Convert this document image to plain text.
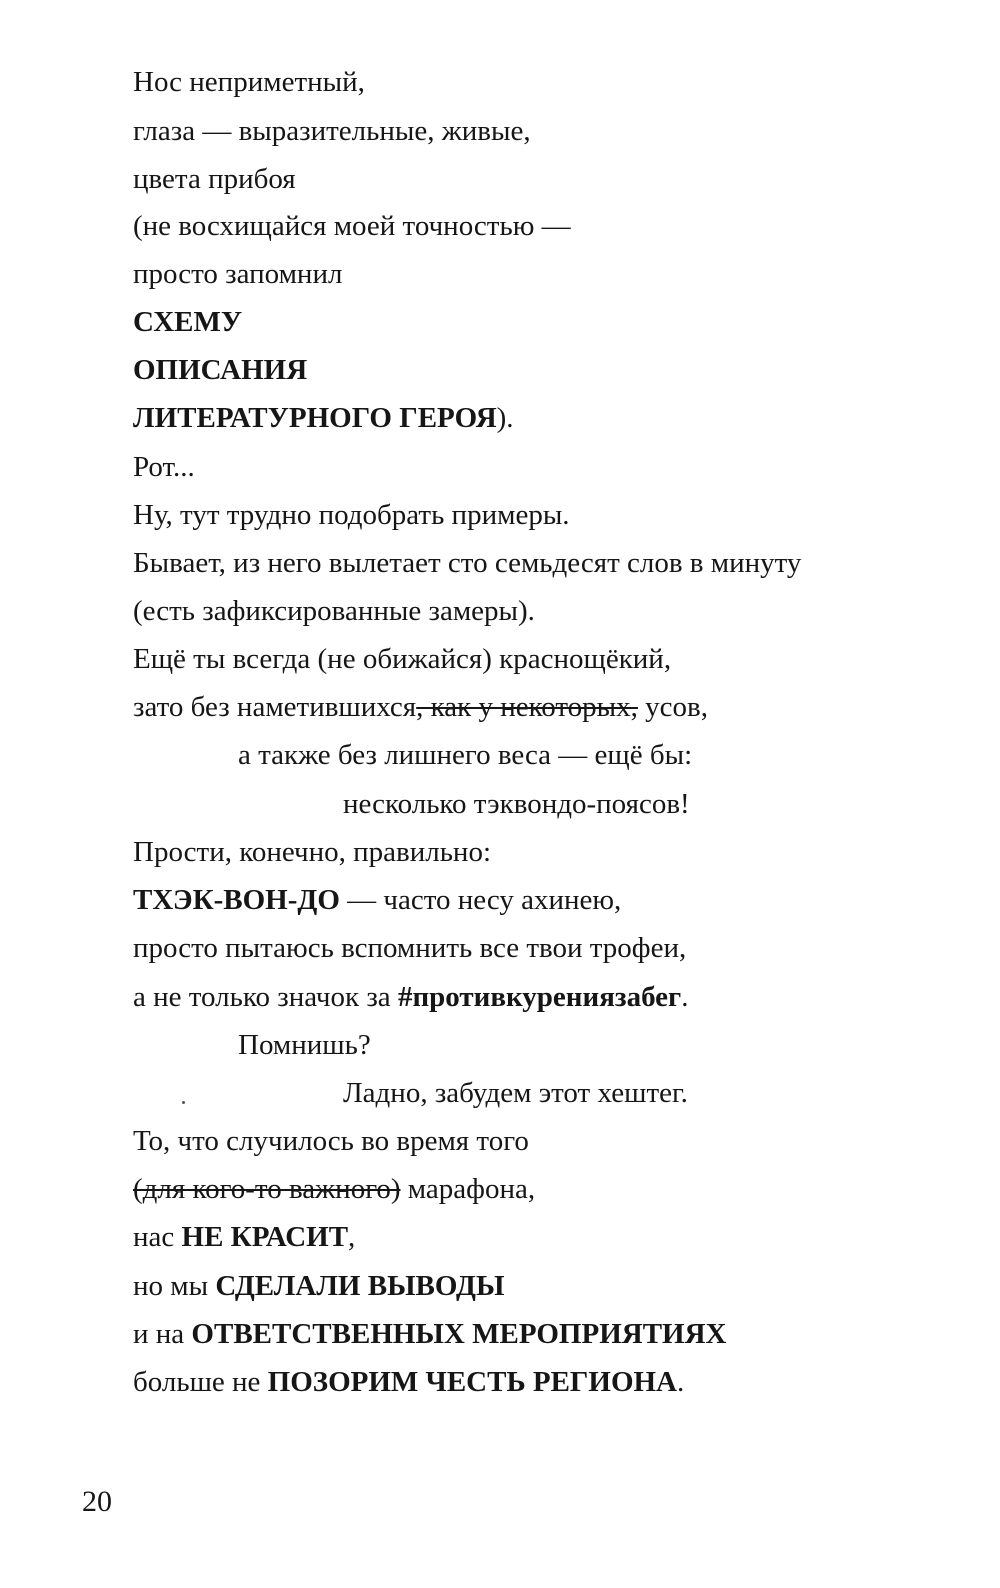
Нос неприметный,
глаза — выразительные, живые,
цвета прибоя
(не восхищайся моей точностью —
просто запомнил
СХЕМУ
ОПИСАНИЯ
ЛИТЕРАТУРНОГО ГЕРОЯ).
Рот...
Ну, тут трудно подобрать примеры.
Бывает, из него вылетает сто семьдесят слов в минуту
(есть зафиксированные замеры).
Ещё ты всегда (не обижайся) краснощёкий,
зато без наметившихся, как у некоторых, усов,
а также без лишнего веса — ещё бы:
несколько тэквондо-поясов!
Прости, конечно, правильно:
ТХЭК-ВОН-ДО — часто несу ахинею,
просто пытаюсь вспомнить все твои трофеи,
а не только значок за #противкурениязабег.
Помнишь?
Ладно, забудем этот хештег.
То, что случилось во время того
(для кого-то важного) марафона,
нас НЕ КРАСИТ,
но мы СДЕЛАЛИ ВЫВОДЫ
и на ОТВЕТСТВЕННЫХ МЕРОПРИЯТИЯХ
больше не ПОЗОРИМ ЧЕСТЬ РЕГИОНА.
20
